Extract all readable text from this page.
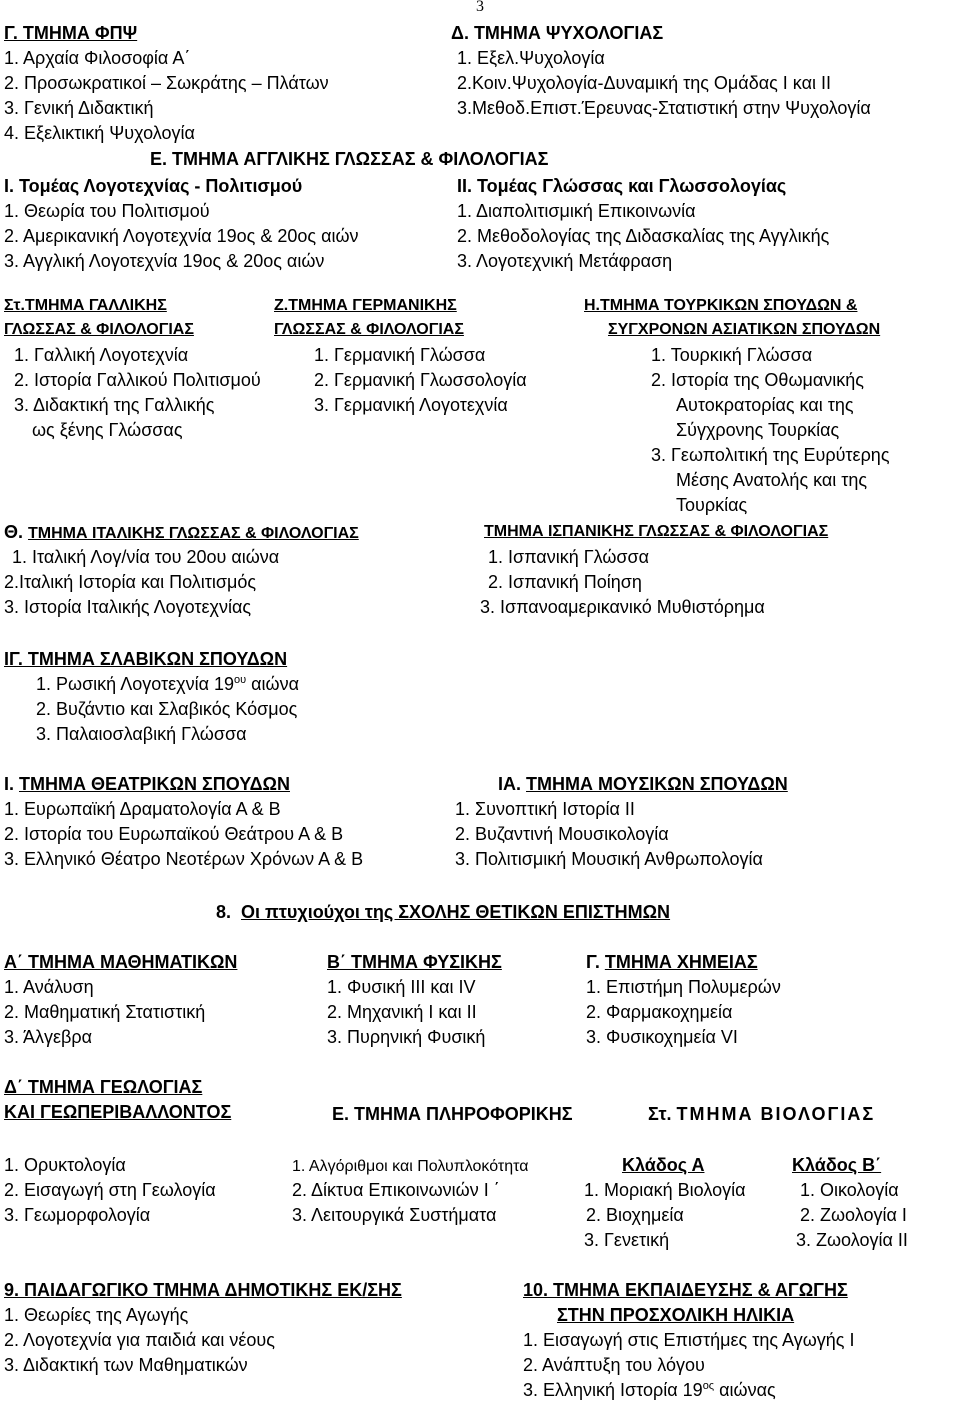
3
Γ. ΤΜΗΜΑ ΦΠΨ
1. Αρχαία Φιλοσοφία Α΄
2. Προσωκρατικοί – Σωκράτης – Πλάτων
3. Γενική Διδακτική
4. Εξελικτική Ψυχολογία
Δ. ΤΜΗΜΑ ΨΥΧΟΛΟΓΙΑΣ
1. Εξελ.Ψυχολογία
2.Κοιν.Ψυχολογία-Δυναμική της Ομάδας Ι και ΙΙ
3.Μεθοδ.Επιστ.Έρευνας-Στατιστική στην Ψυχολογία
Ε. ΤΜΗΜΑ ΑΓΓΛΙΚΗΣ ΓΛΩΣΣΑΣ & ΦΙΛΟΛΟΓΙΑΣ
Ι. Τομέας Λογοτεχνίας - Πολιτισμού	ΙΙ. Τομέας Γλώσσας και Γλωσσολογίας
1. Θεωρία του Πολιτισμού
2. Αμερικανική Λογοτεχνία 19ος & 20ος αιών
3. Αγγλική Λογοτεχνία 19ος & 20ος αιών
1. Διαπολιτισμική Επικοινωνία
2. Μεθοδολογίας της Διδασκαλίας της Αγγλικής
3. Λογοτεχνική Μετάφραση
Στ.ΤΜΗΜΑ ΓΑΛΛΙΚΗΣ
ΓΛΩΣΣΑΣ & ΦΙΛΟΛΟΓΙΑΣ
1. Γαλλική Λογοτεχνία
2. Ιστορία Γαλλικού Πολιτισμού
3. Διδακτική της Γαλλικής
ως ξένης Γλώσσας
Ζ.ΤΜΗΜΑ ΓΕΡΜΑΝΙΚΗΣ
ΓΛΩΣΣΑΣ & ΦΙΛΟΛΟΓΙΑΣ
1. Γερμανική Γλώσσα
2. Γερμανική Γλωσσολογία
3. Γερμανική Λογοτεχνία
Η.ΤΜΗΜΑ ΤΟΥΡΚΙΚΩΝ ΣΠΟΥΔΩΝ &
ΣΥΓΧΡΟΝΩΝ ΑΣΙΑΤΙΚΩΝ ΣΠΟΥΔΩΝ
1. Τουρκική Γλώσσα
2. Ιστορία της Οθωμανικής
Αυτοκρατορίας και της
Σύγχρονης Τουρκίας
3. Γεωπολιτική της Ευρύτερης
Μέσης Ανατολής και της
Τουρκίας
Θ. ΤΜΗΜΑ ΙΤΑΛΙΚΗΣ ΓΛΩΣΣΑΣ & ΦΙΛΟΛΟΓΙΑΣ
1. Ιταλική Λογ/νία του 20ου αιώνα
2.Ιταλική Ιστορία και Πολιτισμός
3. Ιστορία Ιταλικής Λογοτεχνίας
ΤΜΗΜΑ ΙΣΠΑΝΙΚΗΣ ΓΛΩΣΣΑΣ & ΦΙΛΟΛΟΓΙΑΣ
1. Ισπανική Γλώσσα
2. Ισπανική Ποίηση
3. Ισπανοαμερικανικό Μυθιστόρημα
ΙΓ. ΤΜΗΜΑ ΣΛΑΒΙΚΩΝ ΣΠΟΥΔΩΝ
1. Ρωσική Λογοτεχνία $19^{o\upsilon}$ αιώνα
2. Βυζάντιο και Σλαβικός Κόσμος
3. Παλαιοσλαβική Γλώσσα
Ι. ΤΜΗΜΑ ΘΕΑΤΡΙΚΩΝ ΣΠΟΥΔΩΝ
1. Ευρωπαϊκή Δραματολογία Α & Β
2. Ιστορία του Ευρωπαϊκού Θεάτρου Α & Β
3. Ελληνικό Θέατρο Νεοτέρων Χρόνων Α & Β
ΙΑ. ΤΜΗΜΑ ΜΟΥΣΙΚΩΝ ΣΠΟΥΔΩΝ
1. Συνοπτική Ιστορία ΙΙ
2. Βυζαντινή Μουσικολογία
3. Πολιτισμική Μουσική Ανθρωπολογία
8. Οι πτυχιούχοι της ΣΧΟΛΗΣ ΘΕΤΙΚΩΝ ΕΠΙΣΤΗΜΩΝ
Α΄ ΤΜΗΜΑ ΜΑΘΗΜΑΤΙΚΩΝ
1. Ανάλυση
2. Μαθηματική Στατιστική
3. Άλγεβρα
Β΄ ΤΜΗΜΑ ΦΥΣΙΚΗΣ
1. Φυσική ΙΙΙ και ΙV
2. Μηχανική Ι και ΙΙ
3. Πυρηνική Φυσική
Γ. ΤΜΗΜΑ ΧΗΜΕΙΑΣ
1. Επιστήμη Πολυμερών
2. Φαρμακοχημεία
3. Φυσικοχημεία VI
Δ΄ ΤΜΗΜΑ ΓΕΩΛΟΓΙΑΣ
ΚΑΙ ΓΕΩΠΕΡΙΒΑΛΛΟΝΤΟΣ
1. Ορυκτολογία
2. Εισαγωγή στη Γεωλογία
3. Γεωμορφολογία
Ε. ΤΜΗΜΑ ΠΛΗΡΟΦΟΡΙΚΗΣ
1. Αλγόριθμοι και Πολυπλοκότητα
2. Δίκτυα Επικοινωνιών Ι ΄
3. Λειτουργικά Συστήματα
Στ. ΤΜΗΜΑ ΒΙΟΛΟΓΙΑΣ
Κλάδος Α	Κλάδος Β΄
1. Μοριακή Βιολογία
2. Βιοχημεία
3. Γενετική
1. Οικολογία
2. Ζωολογία Ι
3. Ζωολογία ΙΙ
9. ΠΑΙΔΑΓΩΓΙΚΟ ΤΜΗΜΑ ΔΗΜΟΤΙΚΗΣ ΕΚ/ΣΗΣ
1. Θεωρίες της Αγωγής
2. Λογοτεχνία για παιδιά και νέους
3. Διδακτική των Μαθηματικών
10. ΤΜΗΜΑ ΕΚΠΑΙΔΕΥΣΗΣ & ΑΓΩΓΗΣ
ΣΤΗΝ ΠΡΟΣΧΟΛΙΚΗ ΗΛΙΚΙΑ
1. Εισαγωγή στις Επιστήμες της Αγωγής Ι
2. Ανάπτυξη του λόγου
3. Ελληνική Ιστορία $19^{o\varsigma}$ αιώνας
